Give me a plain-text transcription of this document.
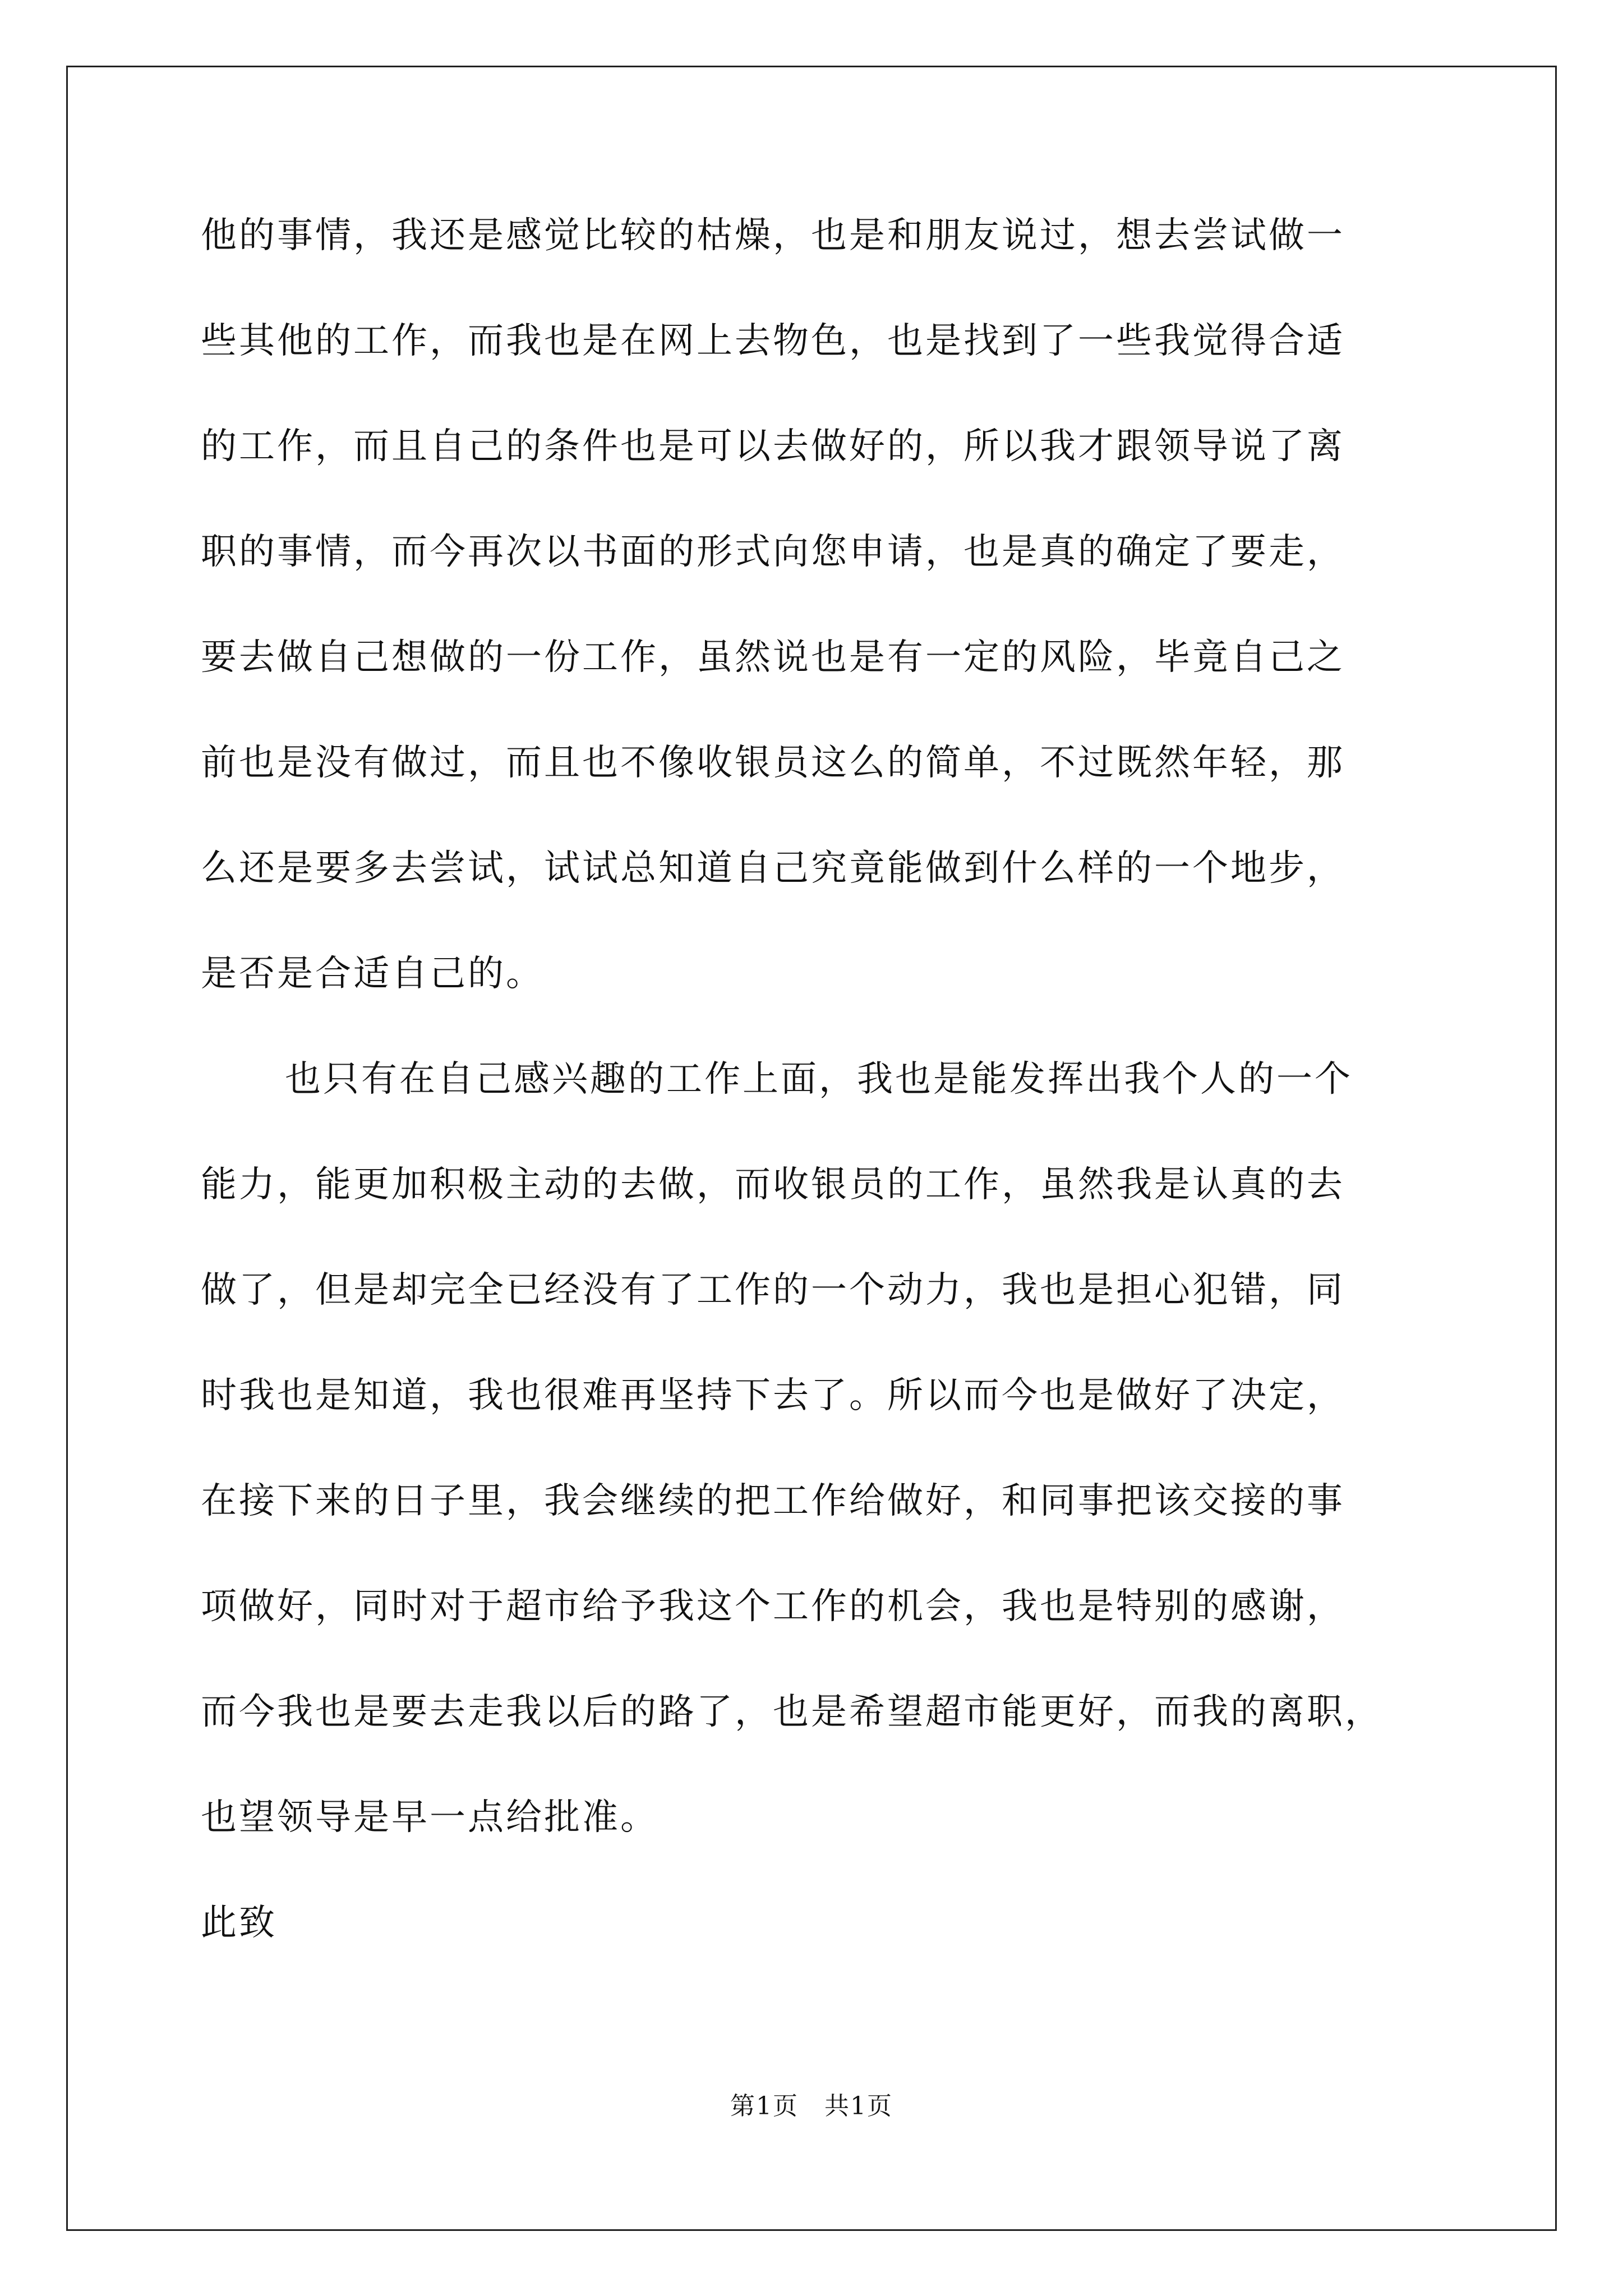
他的事情，我还是感觉比较的枯燥，也是和朋友说过，想去尝试做一
些其他的工作，而我也是在网上去物色，也是找到了一些我觉得合适
的工作，而且自己的条件也是可以去做好的，所以我才跟领导说了离
职的事情，而今再次以书面的形式向您申请，也是真的确定了要走，
要去做自己想做的一份工作，虽然说也是有一定的风险，毕竟自己之
前也是没有做过，而且也不像收银员这么的简单，不过既然年轻，那
么还是要多去尝试，试试总知道自己究竟能做到什么样的一个地步，
是否是合适自己的。
也只有在自己感兴趣的工作上面，我也是能发挥出我个人的一个
能力，能更加积极主动的去做，而收银员的工作，虽然我是认真的去
做了，但是却完全已经没有了工作的一个动力，我也是担心犯错，同
时我也是知道，我也很难再坚持下去了。所以而今也是做好了决定，
在接下来的日子里，我会继续的把工作给做好，和同事把该交接的事
项做好，同时对于超市给予我这个工作的机会，我也是特别的感谢，
而今我也是要去走我以后的路了，也是希望超市能更好，而我的离职，
也望领导是早一点给批准。
此致
第1页　共1页
